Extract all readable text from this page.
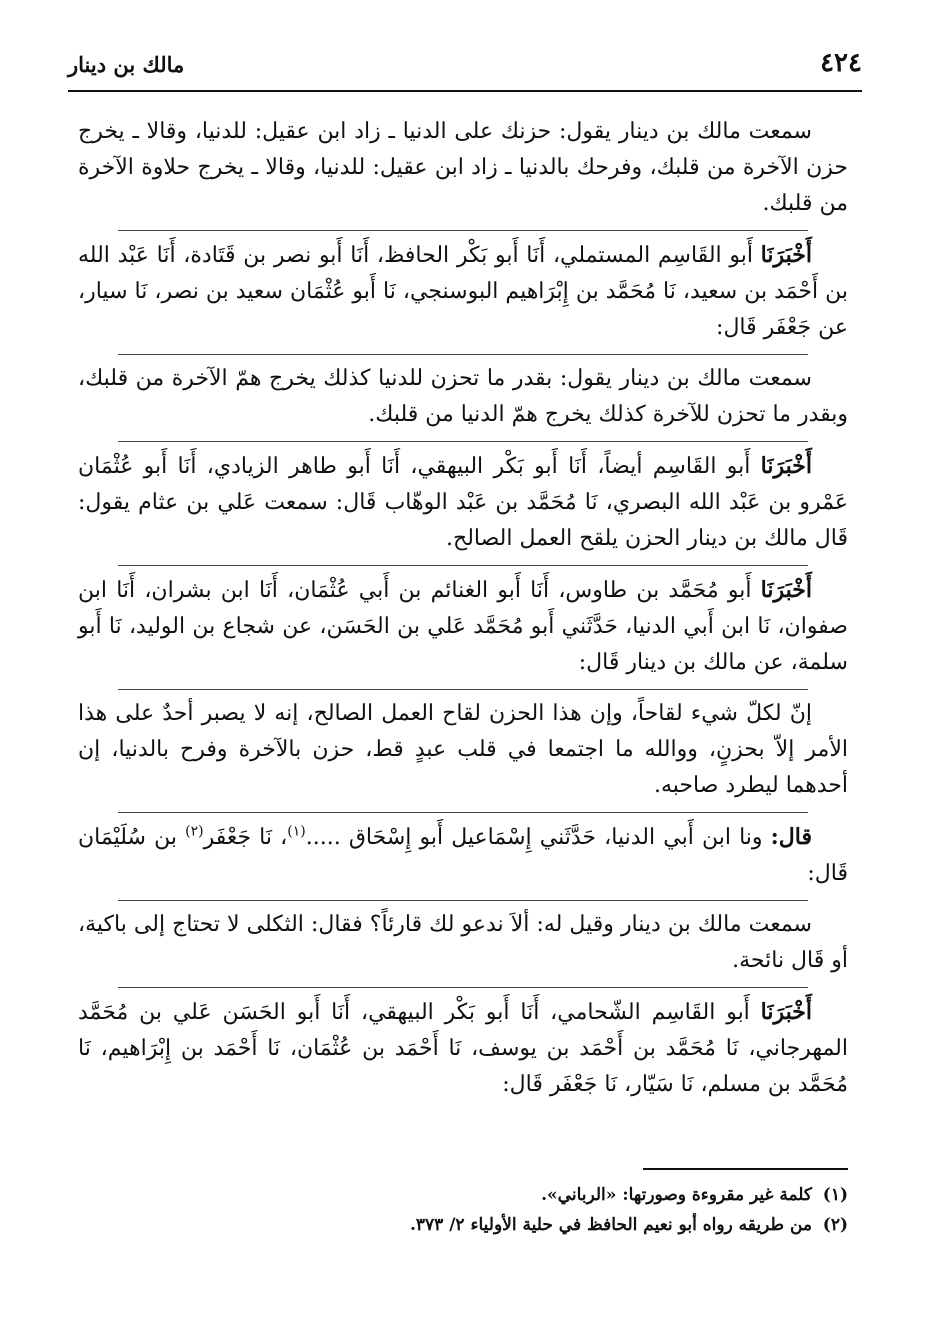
٤٢٤
مالك بن دينار

سمعت مالك بن دينار يقول: حزنك على الدنيا ـ زاد ابن عقيل: للدنيا، وقالا ـ يخرج حزن الآخرة من قلبك، وفرحك بالدنيا ـ زاد ابن عقيل: للدنيا، وقالا ـ يخرج حلاوة الآخرة من قلبك.

أَخْبَرَنَا أَبو القَاسِم المستملي، أَنَا أَبو بَكْر الحافظ، أَنَا أَبو نصر بن قَتَادة، أَنَا عَبْد الله بن أَحْمَد بن سعيد، نَا مُحَمَّد بن إِبْرَاهيم البوسنجي، نَا أَبو عُثْمَان سعيد بن نصر، نَا سيار، عن جَعْفَر قَال:

سمعت مالك بن دينار يقول: بقدر ما تحزن للدنيا كذلك يخرج همّ الآخرة من قلبك، وبقدر ما تحزن للآخرة كذلك يخرج همّ الدنيا من قلبك.

أَخْبَرَنَا أَبو القَاسِم أيضاً، أَنَا أَبو بَكْر البيهقي، أَنَا أَبو طاهر الزيادي، أَنَا أَبو عُثْمَان عَمْرو بن عَبْد الله البصري، نَا مُحَمَّد بن عَبْد الوهّاب قَال: سمعت عَلي بن عثام يقول: قَال مالك بن دينار الحزن يلقح العمل الصالح.

أَخْبَرَنَا أَبو مُحَمَّد بن طاوس، أَنَا أَبو الغنائم بن أَبي عُثْمَان، أَنَا ابن بشران، أَنَا ابن صفوان، نَا ابن أَبي الدنيا، حَدَّثَني أَبو مُحَمَّد عَلي بن الحَسَن، عن شجاع بن الوليد، نَا أَبو سلمة، عن مالك بن دينار قَال:

إنّ لكلّ شيء لقاحاً، وإن هذا الحزن لقاح العمل الصالح، إنه لا يصبر أحدٌ على هذا الأمر إلاّ بحزنٍ، ووالله ما اجتمعا في قلب عبدٍ قط، حزن بالآخرة وفرح بالدنيا، إن أحدهما ليطرد صاحبه.

قال: ونا ابن أَبي الدنيا، حَدَّثَني إِسْمَاعيل أَبو إِسْحَاق .....$^{(١)}$، نَا جَعْفَر$^{(٢)}$ بن سُلَيْمَان قَال:

سمعت مالك بن دينار وقيل له: ألاَ ندعو لك قارئاً؟ فقال: الثكلى لا تحتاج إلى باكية، أو قَال نائحة.

أَخْبَرَنَا أَبو القَاسِم الشّحامي، أَنَا أَبو بَكْر البيهقي، أَنَا أَبو الحَسَن عَلي بن مُحَمَّد المهرجاني، نَا مُحَمَّد بن أَحْمَد بن يوسف، نَا أَحْمَد بن عُثْمَان، نَا أَحْمَد بن إِبْرَاهيم، نَا مُحَمَّد بن مسلم، نَا سَيّار، نَا جَعْفَر قَال:

(١)كلمة غير مقروءة وصورتها: «الرباني».
(٢)من طريقه رواه أبو نعيم الحافظ في حلية الأولياء ٢/ ٣٧٣.
